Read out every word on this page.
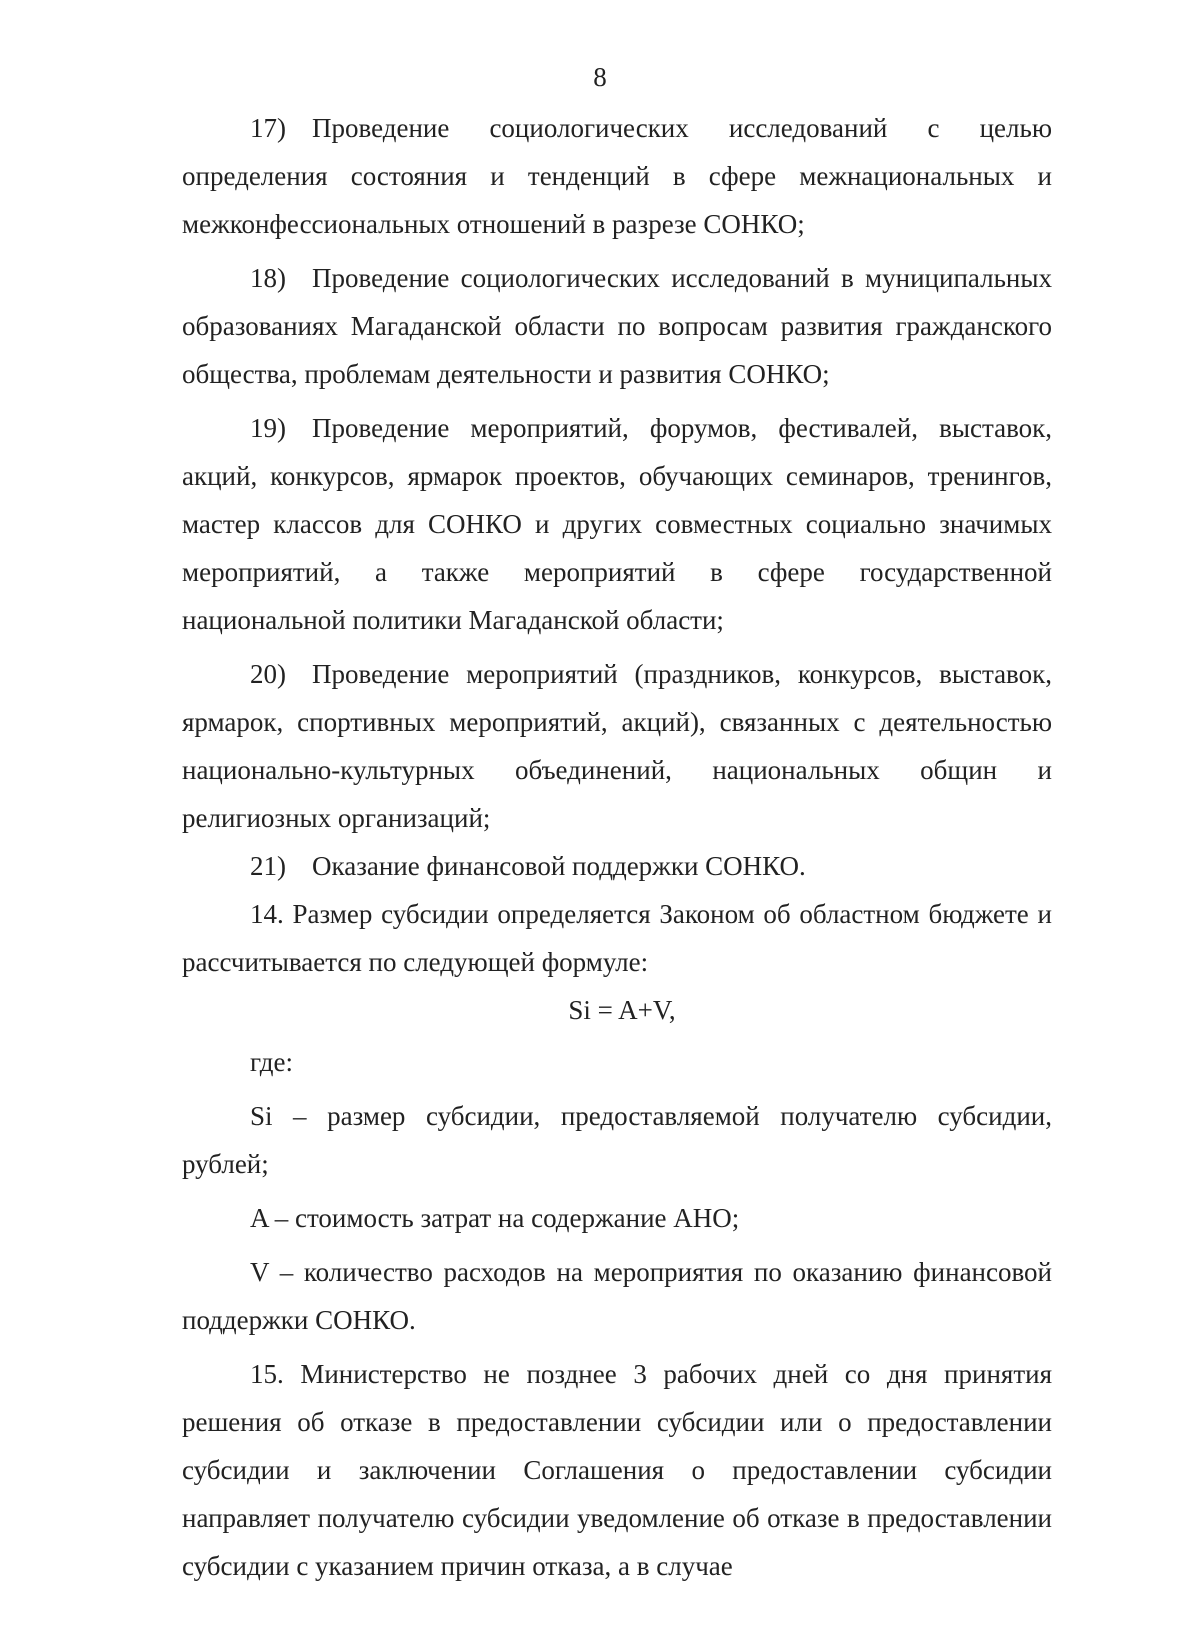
8

17) Проведение социологических исследований с целью определения состояния и тенденций в сфере межнациональных и межконфессиональных отношений в разрезе СОНКО;

18) Проведение социологических исследований в муниципальных образованиях Магаданской области по вопросам развития гражданского общества, проблемам деятельности и развития СОНКО;

19) Проведение мероприятий, форумов, фестивалей, выставок, акций, конкурсов, ярмарок проектов, обучающих семинаров, тренингов, мастер классов для СОНКО и других совместных социально значимых мероприятий, а также мероприятий в сфере государственной национальной политики Магаданской области;

20) Проведение мероприятий (праздников, конкурсов, выставок, ярмарок, спортивных мероприятий, акций), связанных с деятельностью национально-культурных объединений, национальных общин и религиозных организаций;

21) Оказание финансовой поддержки СОНКО.

14. Размер субсидии определяется Законом об областном бюджете и рассчитывается по следующей формуле:

Si = A+V,

где:

Si – размер субсидии, предоставляемой получателю субсидии, рублей;

A – стоимость затрат на содержание АНО;

V – количество расходов на мероприятия по оказанию финансовой поддержки СОНКО.

15. Министерство не позднее 3 рабочих дней со дня принятия решения об отказе в предоставлении субсидии или о предоставлении субсидии и заключении Соглашения о предоставлении субсидии направляет получателю субсидии уведомление об отказе в предоставлении субсидии с указанием причин отказа, а в случае
